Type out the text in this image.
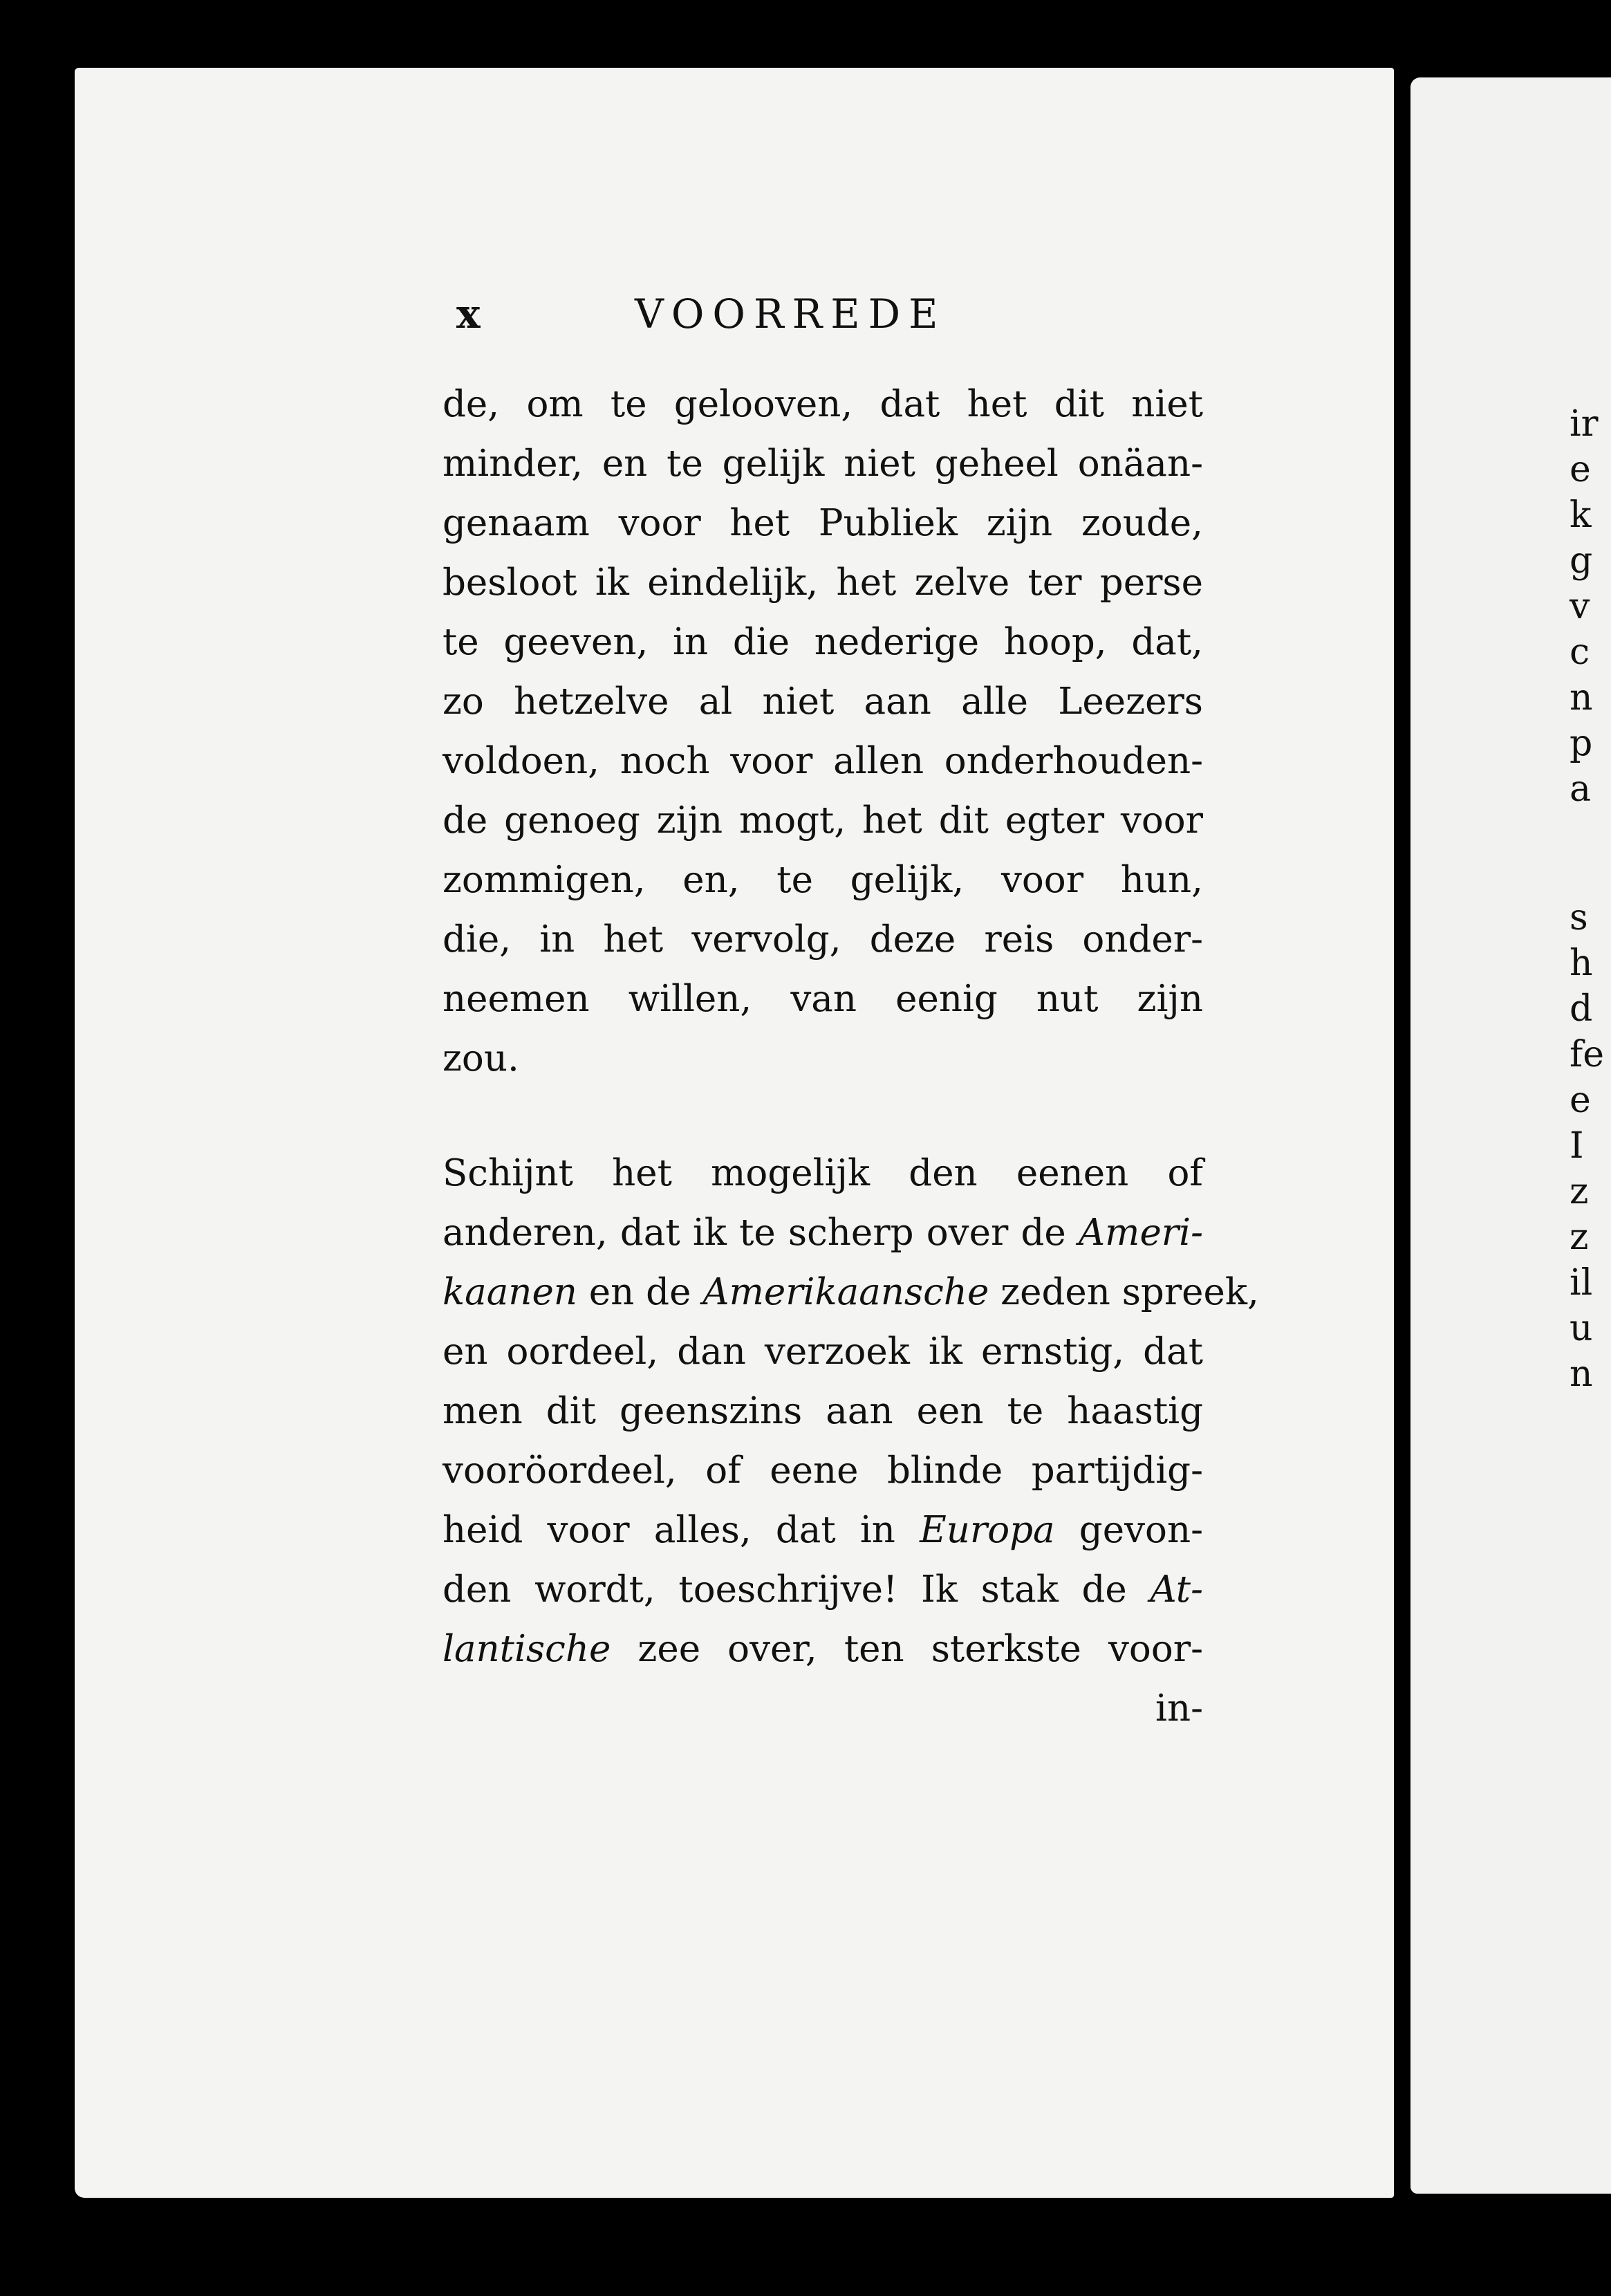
x	VOORREDE
de, om te gelooven, dat het dit niet
minder, en te gelijk niet geheel onäan-
genaam voor het Publiek zijn zoude,
besloot ik eindelijk, het zelve ter perse
te geeven, in die nederige hoop, dat,
zo hetzelve al niet aan alle Leezers
voldoen, noch voor allen onderhouden-
de genoeg zijn mogt, het dit egter voor
zommigen, en, te gelijk, voor hun,
die, in het vervolg, deze reis onder-
neemen willen, van eenig nut zijn
zou.
Schijnt het mogelijk den eenen of
anderen, dat ik te scherp over de Ameri-
kaanen en de Amerikaansche zeden spreek,
en oordeel, dan verzoek ik ernstig, dat
men dit geenszins aan een te haastig
vooröordeel, of eene blinde partijdig-
heid voor alles, dat in Europa gevon-
den wordt, toeschrijve! Ik stak de At-
lantische zee over, ten sterkste voor-
in-
ir
e
k
g
v
c
n
p
a
s
h
d
fe
e
I
z
z
il
u
n
